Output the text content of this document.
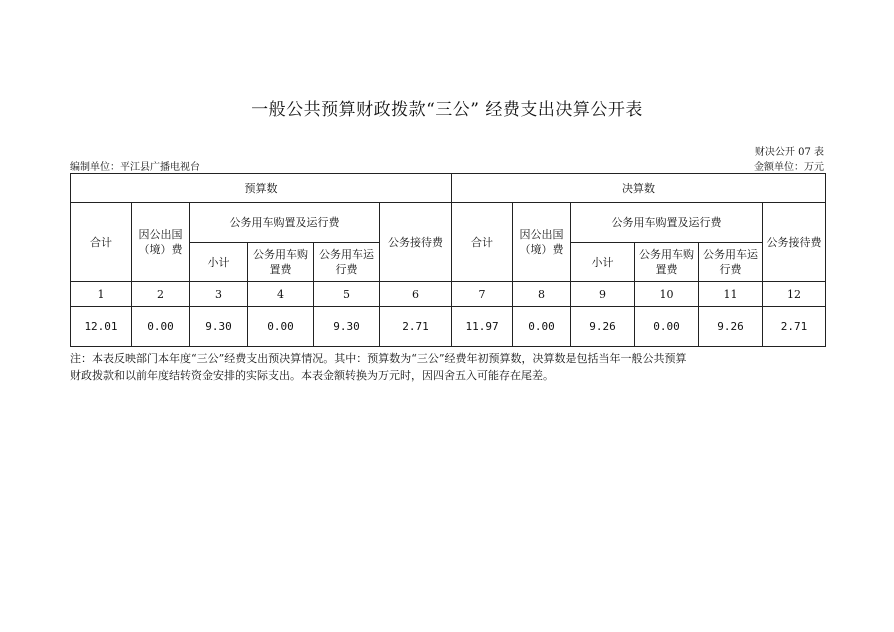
一般公共预算财政拨款“三公” 经费支出决算公开表
财决公开 07 表
编制单位：平江县广播电视台	金额单位：万元
预算数						决算数					
合计	因公出国（境）费	公务用车购置及运行费			公务接待费	合计	因公出国（境）费	公务用车购置及运行费			公务接待费
		小计	公务用车购置费	公务用车运行费				小计	公务用车购置费	公务用车运行费	
1	2	3	4	5	6	7	8	9	10	11	12
12.01	0.00	9.30	0.00	9.30	2.71	11.97	0.00	9.26	0.00	9.26	2.71
注：本表反映部门本年度“三公”经费支出预决算情况。其中：预算数为“三公”经费年初预算数，决算数是包括当年一般公共预算
财政拨款和以前年度结转资金安排的实际支出。本表金额转换为万元时，因四舍五入可能存在尾差。
